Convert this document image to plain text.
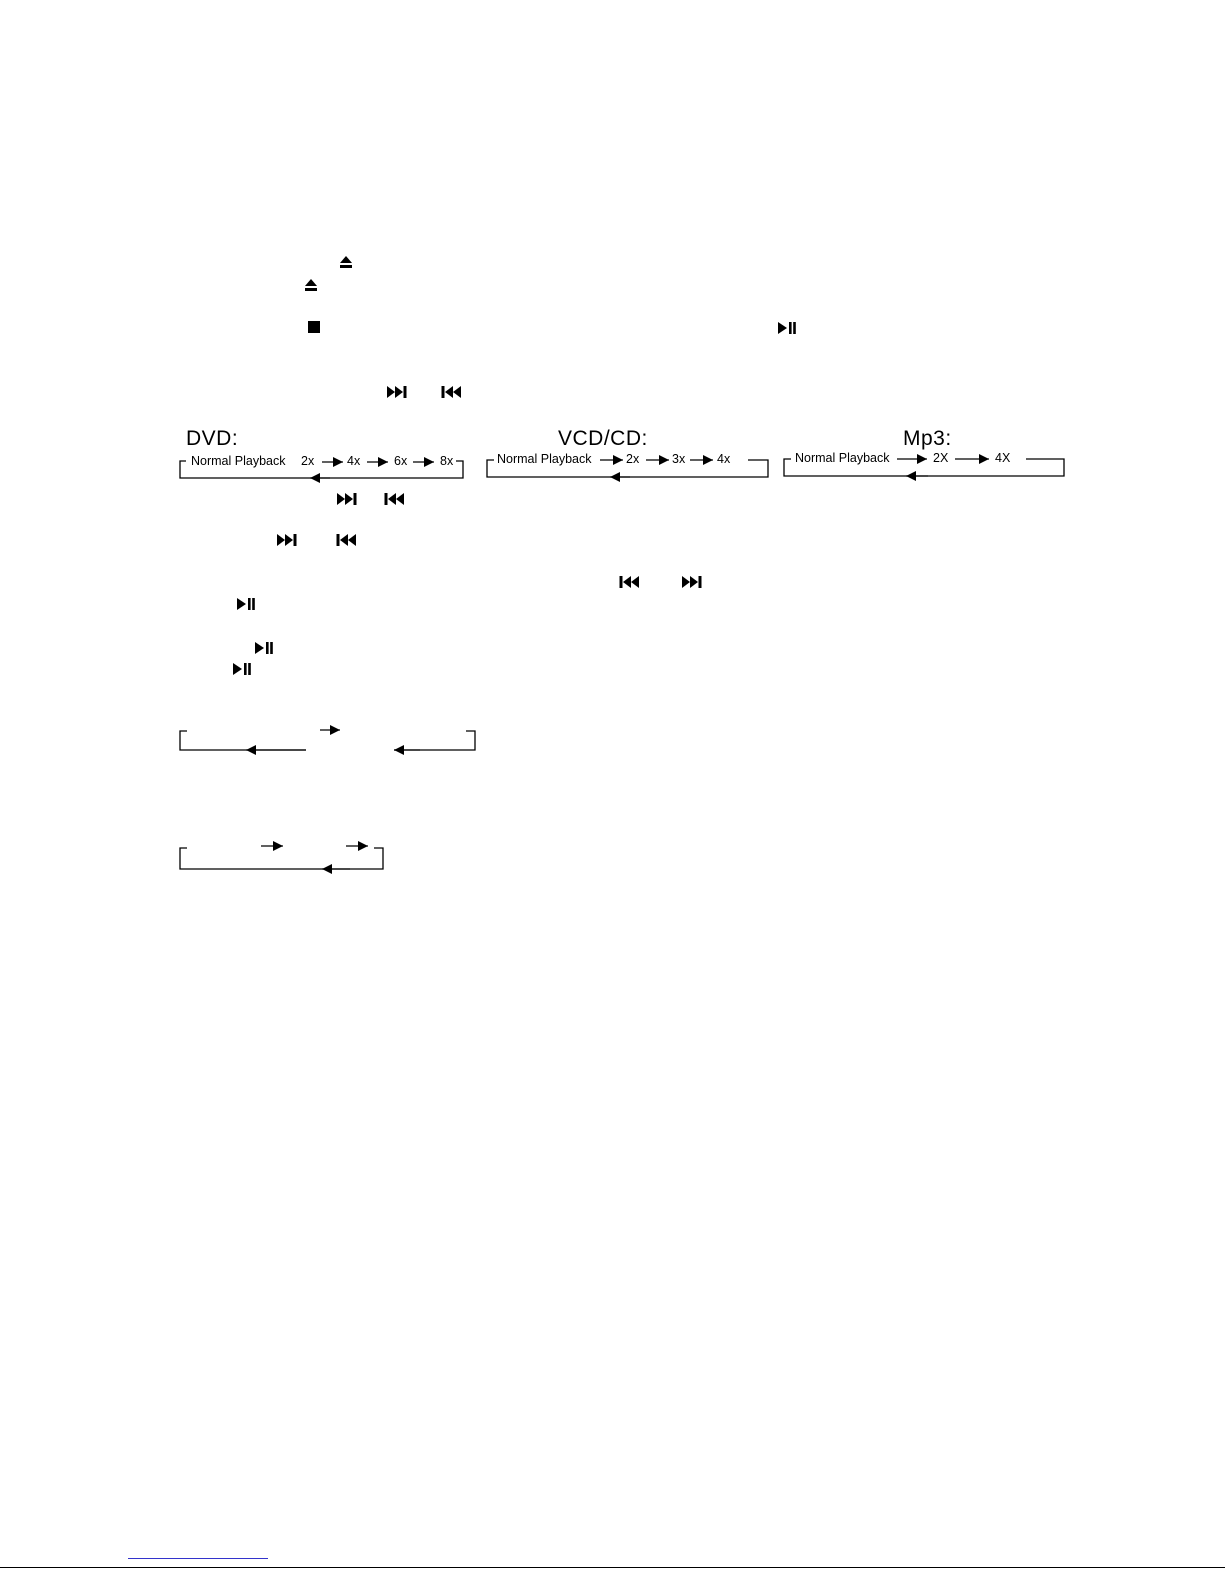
DVD:	VCD/CD:	Mp3:
Normal Playback 2x	4x	6x	8x	Normal Playback	2x	3x	4x	Normal Playback	2X	4X
